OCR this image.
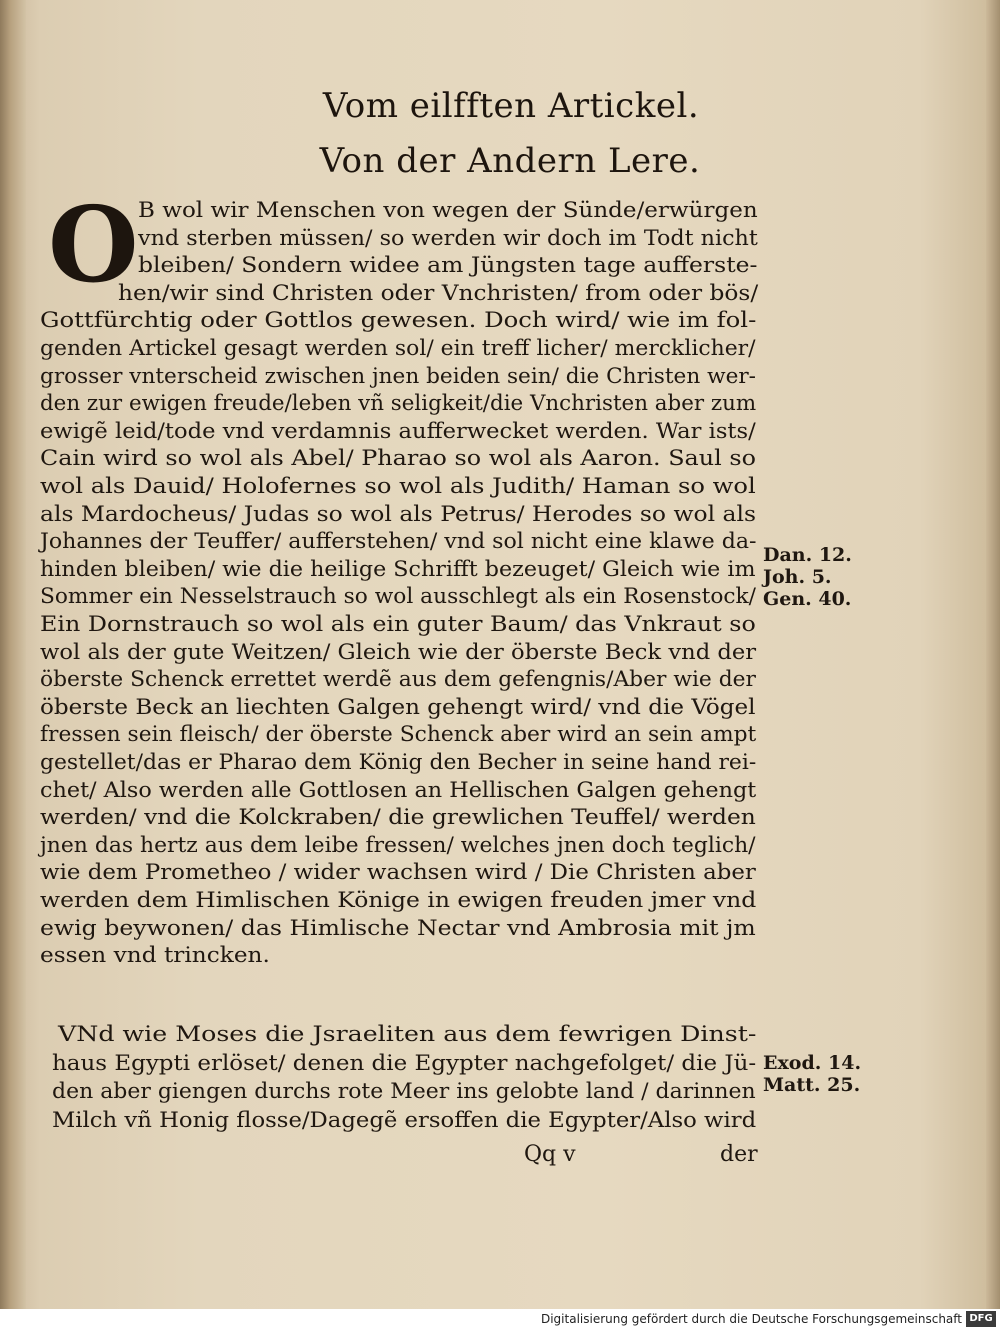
Vom eilfften Artickel.
Von der Andern Lere.
O B wol wir Menschen von wegen der Sünde/erwürgen
vnd sterben müssen/ so werden wir doch im Todt nicht
bleiben/ Sondern widee am Jüngsten tage aufferste-
hen/wir sind Christen oder Vnchristen/ from oder bös/
Gottfürchtig oder Gottlos gewesen. Doch wird/ wie im fol-
genden Artickel gesagt werden sol/ ein treff licher/ mercklicher/
grosser vnterscheid zwischen jnen beiden sein/ die Christen wer-
den zur ewigen freude/leben vñ seligkeit/die Vnchristen aber zum
ewigẽ leid/tode vnd verdamnis aufferwecket werden. War ists/
Cain wird so wol als Abel/ Pharao so wol als Aaron. Saul so
wol als Dauid/ Holofernes so wol als Judith/ Haman so wol
als Mardocheus/ Judas so wol als Petrus/ Herodes so wol als
Johannes der Teuffer/ aufferstehen/ vnd sol nicht eine klawe da-
hinden bleiben/ wie die heilige Schrifft bezeuget/ Gleich wie im
Sommer ein Nesselstrauch so wol ausschlegt als ein Rosenstock/
Ein Dornstrauch so wol als ein guter Baum/ das Vnkraut so
wol als der gute Weitzen/ Gleich wie der öberste Beck vnd der
öberste Schenck errettet werdẽ aus dem gefengnis/Aber wie der
öberste Beck an liechten Galgen gehengt wird/ vnd die Vögel
fressen sein fleisch/ der öberste Schenck aber wird an sein ampt
gestellet/das er Pharao dem König den Becher in seine hand rei-
chet/ Also werden alle Gottlosen an Hellischen Galgen gehengt
werden/ vnd die Kolckraben/ die grewlichen Teuffel/ werden
jnen das hertz aus dem leibe fressen/ welches jnen doch teglich/
wie dem Prometheo / wider wachsen wird / Die Christen aber
werden dem Himlischen Könige in ewigen freuden jmer vnd
ewig beywonen/ das Himlische Nectar vnd Ambrosia mit jm
essen vnd trincken.
VNd wie Moses die Jsraeliten aus dem fewrigen Dinst-
haus Egypti erlöset/ denen die Egypter nachgefolget/ die Jü-
den aber giengen durchs rote Meer ins gelobte land / darinnen
Milch vñ Honig flosse/Dagegẽ ersoffen die Egypter/Also wird
Dan. 12.
Joh. 5.
Gen. 40.
Exod. 14.
Matt. 25.
Qq v	der
Digitalisierung gefördert durch die Deutsche Forschungsgemeinschaft DFG
